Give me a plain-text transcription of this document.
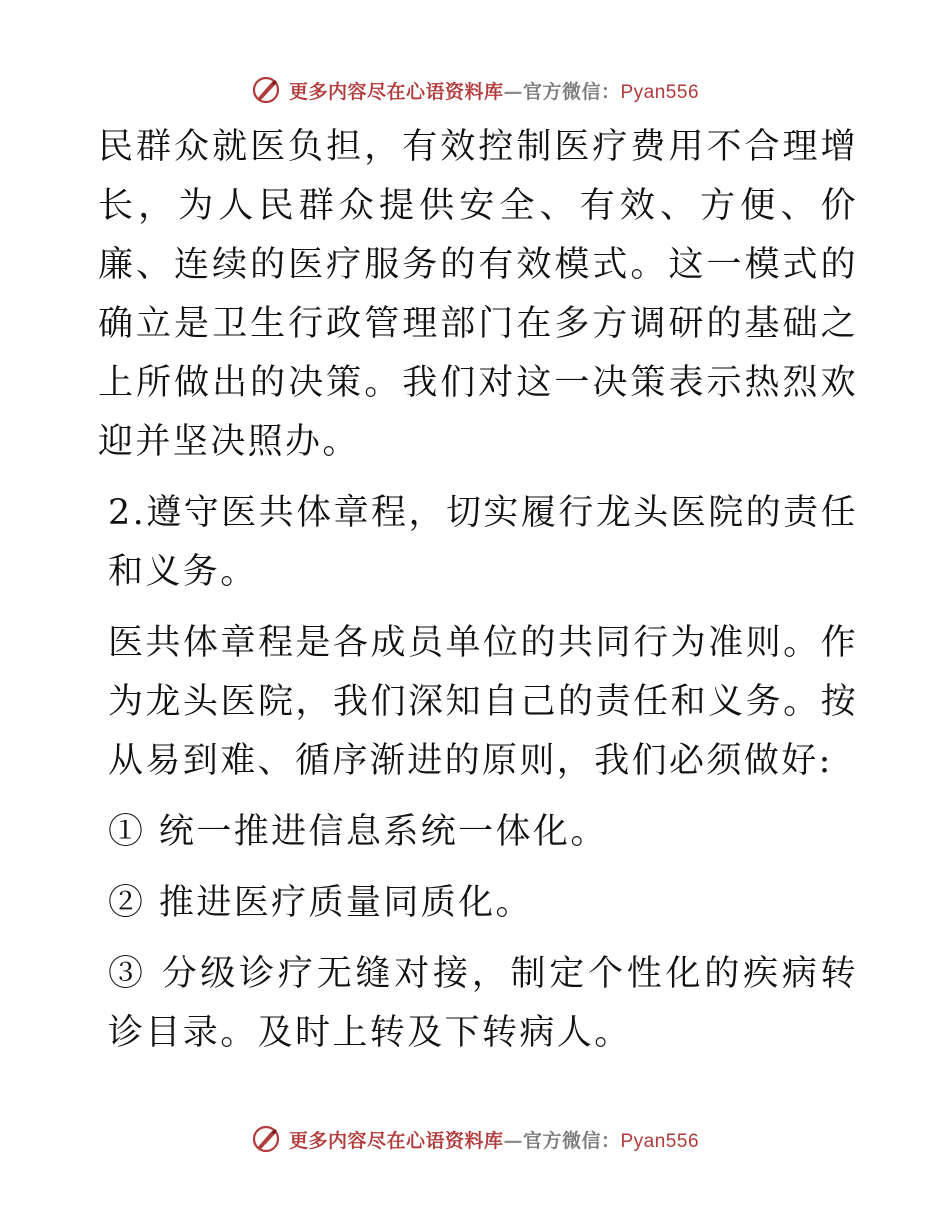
更多内容尽在心语资料库—官方微信：Pyan556

民群众就医负担，有效控制医疗费用不合理增长，为人民群众提供安全、有效、方便、价廉、连续的医疗服务的有效模式。这一模式的确立是卫生行政管理部门在多方调研的基础之上所做出的决策。我们对这一决策表示热烈欢迎并坚决照办。

2.遵守医共体章程，切实履行龙头医院的责任和义务。

医共体章程是各成员单位的共同行为准则。作为龙头医院，我们深知自己的责任和义务。按从易到难、循序渐进的原则，我们必须做好:

① 统一推进信息系统一体化。

② 推进医疗质量同质化。

③ 分级诊疗无缝对接，制定个性化的疾病转诊目录。及时上转及下转病人。

更多内容尽在心语资料库—官方微信：Pyan556
